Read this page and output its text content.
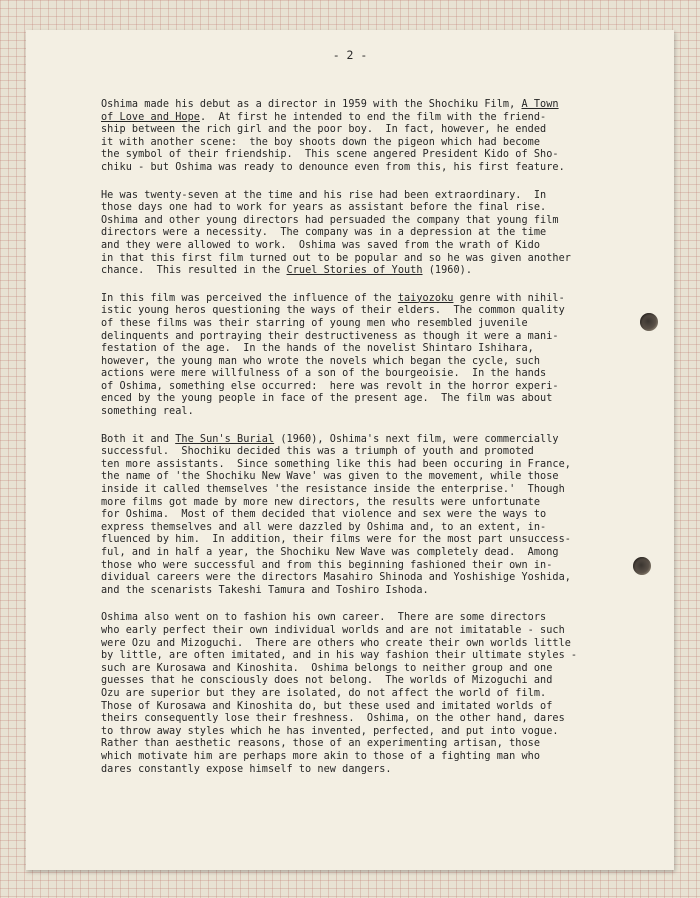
- 2 -
Oshima made his debut as a director in 1959 with the Shochiku Film, A Town
of Love and Hope.  At first he intended to end the film with the friend-
ship between the rich girl and the poor boy.  In fact, however, he ended
it with another scene:  the boy shoots down the pigeon which had become
the symbol of their friendship.  This scene angered President Kido of Sho-
chiku - but Oshima was ready to denounce even from this, his first feature.
He was twenty-seven at the time and his rise had been extraordinary.  In
those days one had to work for years as assistant before the final rise.
Oshima and other young directors had persuaded the company that young film
directors were a necessity.  The company was in a depression at the time
and they were allowed to work.  Oshima was saved from the wrath of Kido
in that this first film turned out to be popular and so he was given another
chance.  This resulted in the Cruel Stories of Youth (1960).
In this film was perceived the influence of the taiyozoku genre with nihil-
istic young heros questioning the ways of their elders.  The common quality
of these films was their starring of young men who resembled juvenile
delinquents and portraying their destructiveness as though it were a mani-
festation of the age.  In the hands of the novelist Shintaro Ishihara,
however, the young man who wrote the novels which began the cycle, such
actions were mere willfulness of a son of the bourgeoisie.  In the hands
of Oshima, something else occurred:  here was revolt in the horror experi-
enced by the young people in face of the present age.  The film was about
something real.
Both it and The Sun's Burial (1960), Oshima's next film, were commercially
successful.  Shochiku decided this was a triumph of youth and promoted
ten more assistants.  Since something like this had been occuring in France,
the name of 'the Shochiku New Wave' was given to the movement, while those
inside it called themselves 'the resistance inside the enterprise.'  Though
more films got made by more new directors, the results were unfortunate
for Oshima.  Most of them decided that violence and sex were the ways to
express themselves and all were dazzled by Oshima and, to an extent, in-
fluenced by him.  In addition, their films were for the most part unsuccess-
ful, and in half a year, the Shochiku New Wave was completely dead.  Among
those who were successful and from this beginning fashioned their own in-
dividual careers were the directors Masahiro Shinoda and Yoshishige Yoshida,
and the scenarists Takeshi Tamura and Toshiro Ishoda.
Oshima also went on to fashion his own career.  There are some directors
who early perfect their own individual worlds and are not imitatable - such
were Ozu and Mizoguchi.  There are others who create their own worlds little
by little, are often imitated, and in his way fashion their ultimate styles -
such are Kurosawa and Kinoshita.  Oshima belongs to neither group and one
guesses that he consciously does not belong.  The worlds of Mizoguchi and
Ozu are superior but they are isolated, do not affect the world of film.
Those of Kurosawa and Kinoshita do, but these used and imitated worlds of
theirs consequently lose their freshness.  Oshima, on the other hand, dares
to throw away styles which he has invented, perfected, and put into vogue.
Rather than aesthetic reasons, those of an experimenting artisan, those
which motivate him are perhaps more akin to those of a fighting man who
dares constantly expose himself to new dangers.
